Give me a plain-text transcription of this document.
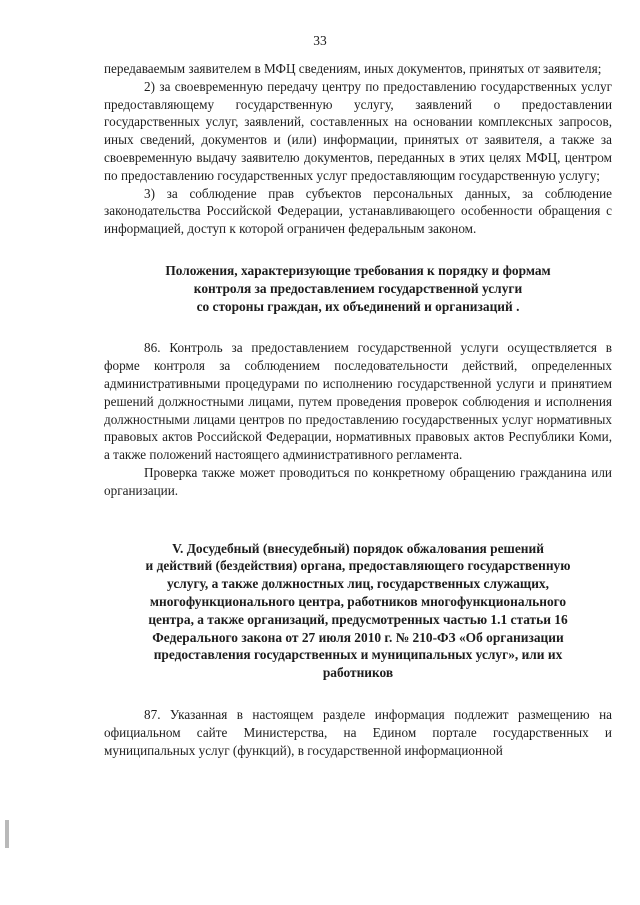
33

передаваемым заявителем в МФЦ сведениям, иных документов, принятых от заявителя;

2) за своевременную передачу центру по предоставлению государственных услуг предоставляющему государственную услугу, заявлений о предоставлении государственных услуг, заявлений, составленных на основании комплексных запросов, иных сведений, документов и (или) информации, принятых от заявителя, а также за своевременную выдачу заявителю документов, переданных в этих целях МФЦ, центром по предоставлению государственных услуг предоставляющим государственную услугу;

3) за соблюдение прав субъектов персональных данных, за соблюдение законодательства Российской Федерации, устанавливающего особенности обращения с информацией, доступ к которой ограничен федеральным законом.

Положения, характеризующие требования к порядку и формам

контроля за предоставлением государственной услуги

со стороны граждан, их объединений и организаций .

86. Контроль за предоставлением государственной услуги осуществляется в форме контроля за соблюдением последовательности действий, определенных административными процедурами по исполнению государственной услуги и принятием решений должностными лицами, путем проведения проверок соблюдения и исполнения должностными лицами центров по предоставлению государственных услуг нормативных правовых актов Российской Федерации, нормативных правовых актов Республики Коми, а также положений настоящего административного регламента.

Проверка также может проводиться по конкретному обращению гражданина или организации.

V. Досудебный (внесудебный) порядок обжалования решений

и действий (бездействия) органа, предоставляющего государственную

услугу, а также должностных лиц, государственных служащих,

многофункционального центра, работников многофункционального

центра, а также организаций, предусмотренных частью 1.1 статьи 16

Федерального закона от 27 июля 2010 г. № 210-ФЗ «Об организации

предоставления государственных и муниципальных услуг», или их

работников

87. Указанная в настоящем разделе информация подлежит размещению на официальном сайте Министерства, на Едином портале государственных и муниципальных услуг (функций), в государственной информационной
